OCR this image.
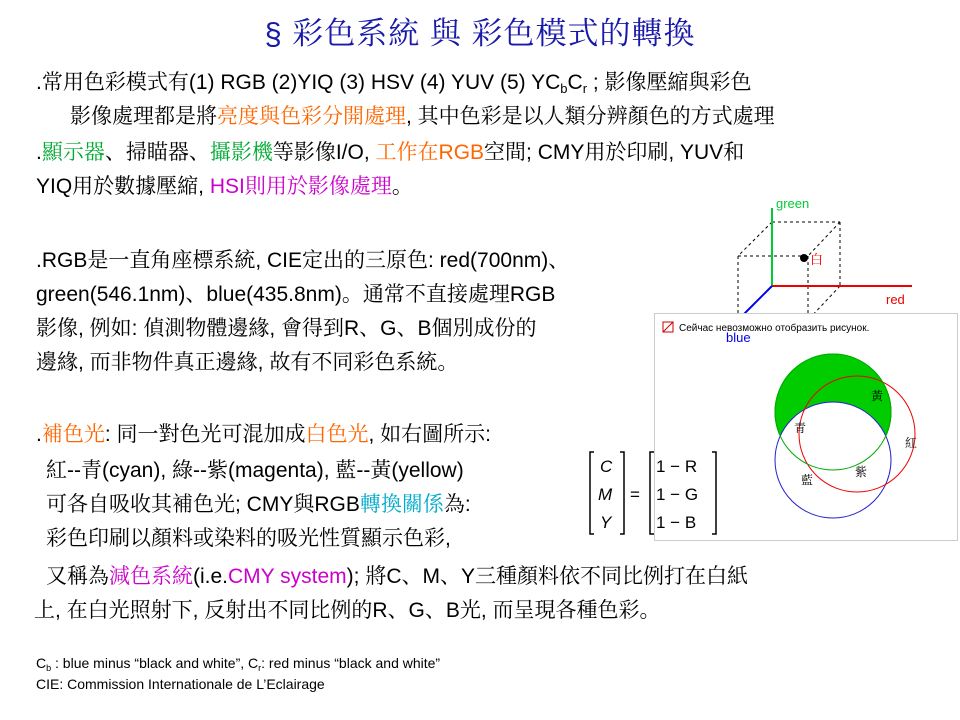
§ 彩色系統 與 彩色模式的轉換
.常用色彩模式有(1) RGB (2)YIQ (3) HSV (4) YUV (5) $YC_bC_r$ ; 影像壓縮與彩色
影像處理都是將亮度與色彩分開處理, 其中色彩是以人類分辨顏色的方式處理
.顯示器、掃瞄器、攝影機等影像I/O, 工作在RGB空間; CMY用於印刷, YUV和
YIQ用於數據壓縮, HSI則用於影像處理。
.RGB是一直角座標系統, CIE定出的三原色: red(700nm)、
green(546.1nm)、blue(435.8nm)。通常不直接處理RGB
影像, 例如: 偵測物體邊緣, 會得到R、G、B個別成份的
邊緣, 而非物件真正邊緣, 故有不同彩色系統。
.補色光: 同一對色光可混加成白色光, 如右圖所示:
紅--青(cyan), 綠--紫(magenta), 藍--黃(yellow)
可各自吸收其補色光; CMY與RGB轉換關係為:
彩色印刷以顏料或染料的吸光性質顯示色彩,
又稱為減色系統(i.e.CMY system); 將C、M、Y三種顏料依不同比例打在白紙
上, 在白光照射下, 反射出不同比例的R、G、B光, 而呈現各種色彩。
$C_b$ : blue minus “black and white”, $C_r$: red minus “black and white”
CIE: Commission Internationale de L’Eclairage
green
red
白
Сейчас невозможно отобразить рисунок.
黃
青
紅
藍
紫
blue
C
M
Y
=
1 − R
1 − G
1 − B
